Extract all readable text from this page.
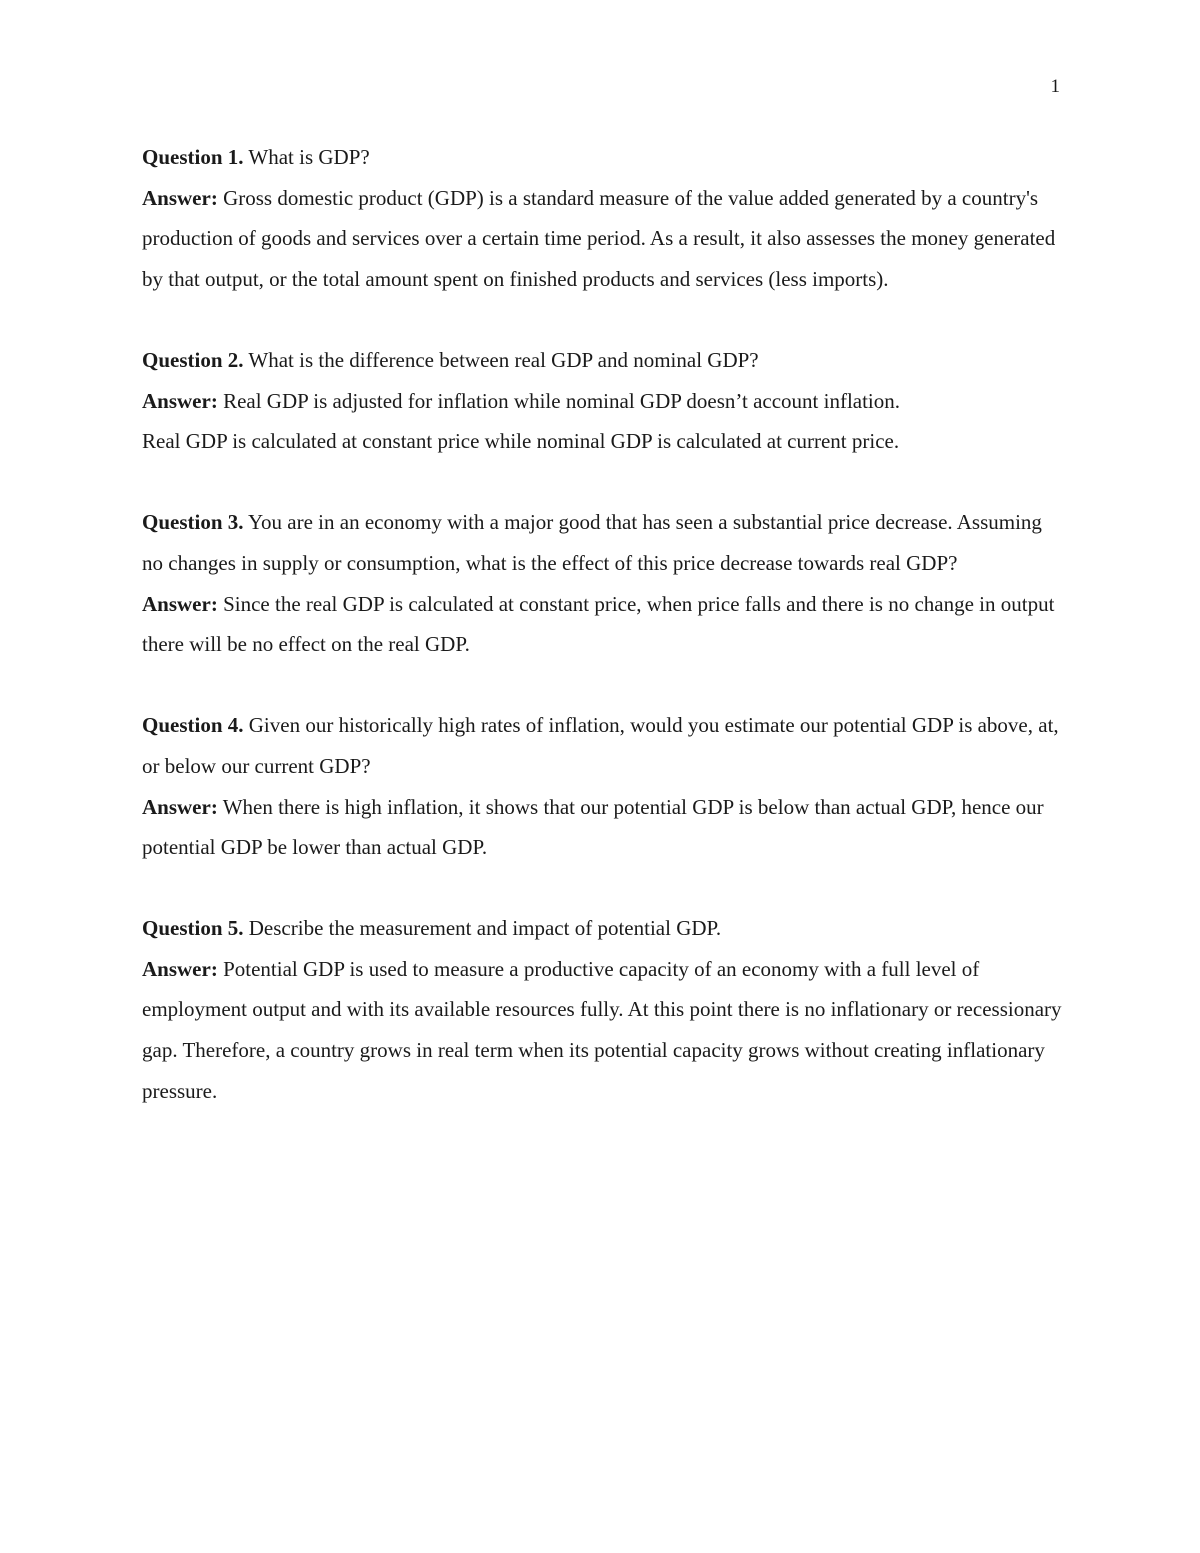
1

Question 1. What is GDP?

Answer: Gross domestic product (GDP) is a standard measure of the value added generated by a country's production of goods and services over a certain time period. As a result, it also assesses the money generated by that output, or the total amount spent on finished products and services (less imports).

Question 2. What is the difference between real GDP and nominal GDP?

Answer: Real GDP is adjusted for inflation while nominal GDP doesn’t account inflation.

Real GDP is calculated at constant price while nominal GDP is calculated at current price.

Question 3. You are in an economy with a major good that has seen a substantial price decrease. Assuming no changes in supply or consumption, what is the effect of this price decrease towards real GDP?

Answer: Since the real GDP is calculated at constant price, when price falls and there is no change in output there will be no effect on the real GDP.

Question 4. Given our historically high rates of inflation, would you estimate our potential GDP is above, at, or below our current GDP?

Answer: When there is high inflation, it shows that our potential GDP is below than actual GDP, hence our potential GDP be lower than actual GDP.

Question 5. Describe the measurement and impact of potential GDP.

Answer: Potential GDP is used to measure a productive capacity of an economy with a full level of employment output and with its available resources fully. At this point there is no inflationary or recessionary gap. Therefore, a country grows in real term when its potential capacity grows without creating inflationary pressure.
